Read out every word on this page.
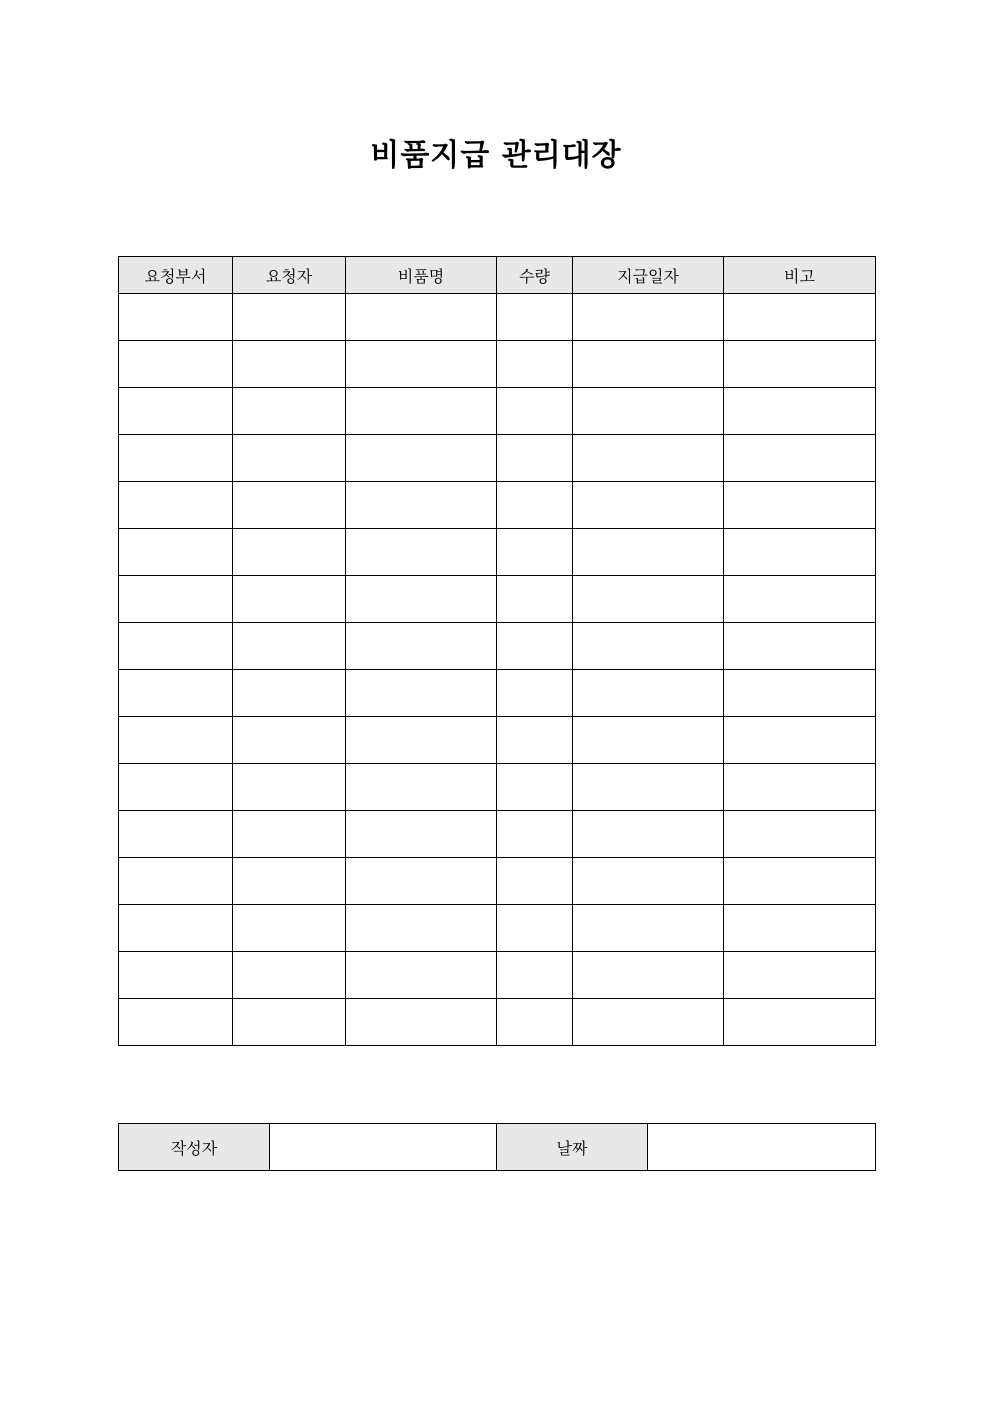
비품지급 관리대장
요청부서	요청자	비품명	수량	지급일자	비고

작성자		날짜	
